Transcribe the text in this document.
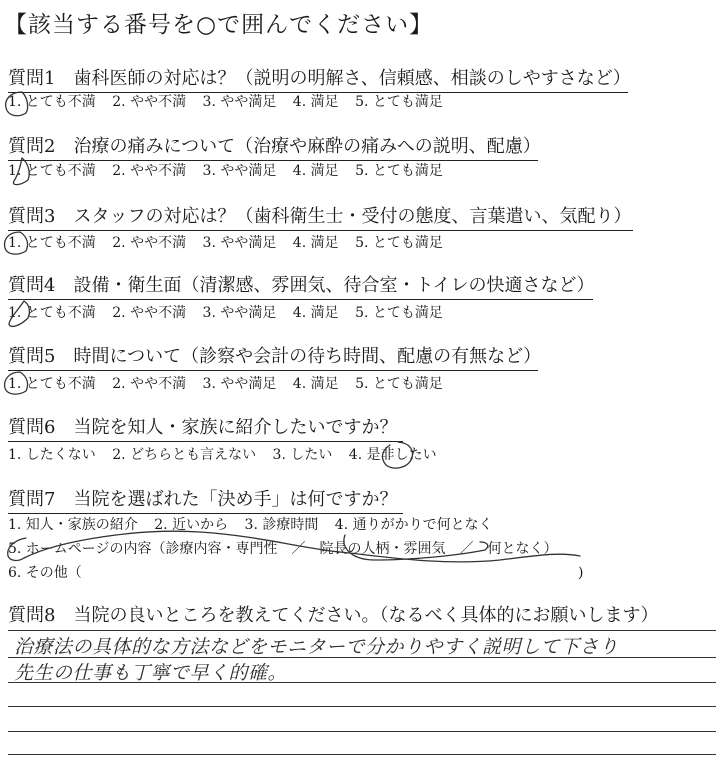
【該当する番号を○で囲んでください】
質問1　歯科医師の対応は？（説明の明解さ、信頼感、相談のしやすさなど）
1. とても不満 2. やや不満 3. やや満足 4. 満足 5. とても満足
質問2　治療の痛みについて（治療や麻酔の痛みへの説明、配慮）
1. とても不満 2. やや不満 3. やや満足 4. 満足 5. とても満足
質問3　スタッフの対応は？（歯科衛生士・受付の態度、言葉遣い、気配り）
1. とても不満 2. やや不満 3. やや満足 4. 満足 5. とても満足
質問4　設備・衛生面（清潔感、雰囲気、待合室・トイレの快適さなど）
1. とても不満 2. やや不満 3. やや満足 4. 満足 5. とても満足
質問5　時間について（診察や会計の待ち時間、配慮の有無など）
1. とても不満 2. やや不満 3. やや満足 4. 満足 5. とても満足
質問6　当院を知人・家族に紹介したいですか？
1. したくない 2. どちらとも言えない 3. したい 4. 是非したい
質問7　当院を選ばれた「決め手」は何ですか？
1. 知人・家族の紹介 2. 近いから 3. 診療時間 4. 通りがかりで何となく
5. ホームページの内容（診療内容・専門性　／　院長の人柄・雰囲気　／　何となく）
6. その他（	)
質問8　当院の良いところを教えてください。（なるべく具体的にお願いします）
治療法の具体的な方法などをモニターで分かりやすく説明して下さり
先生の仕事も丁寧で早く的確。
